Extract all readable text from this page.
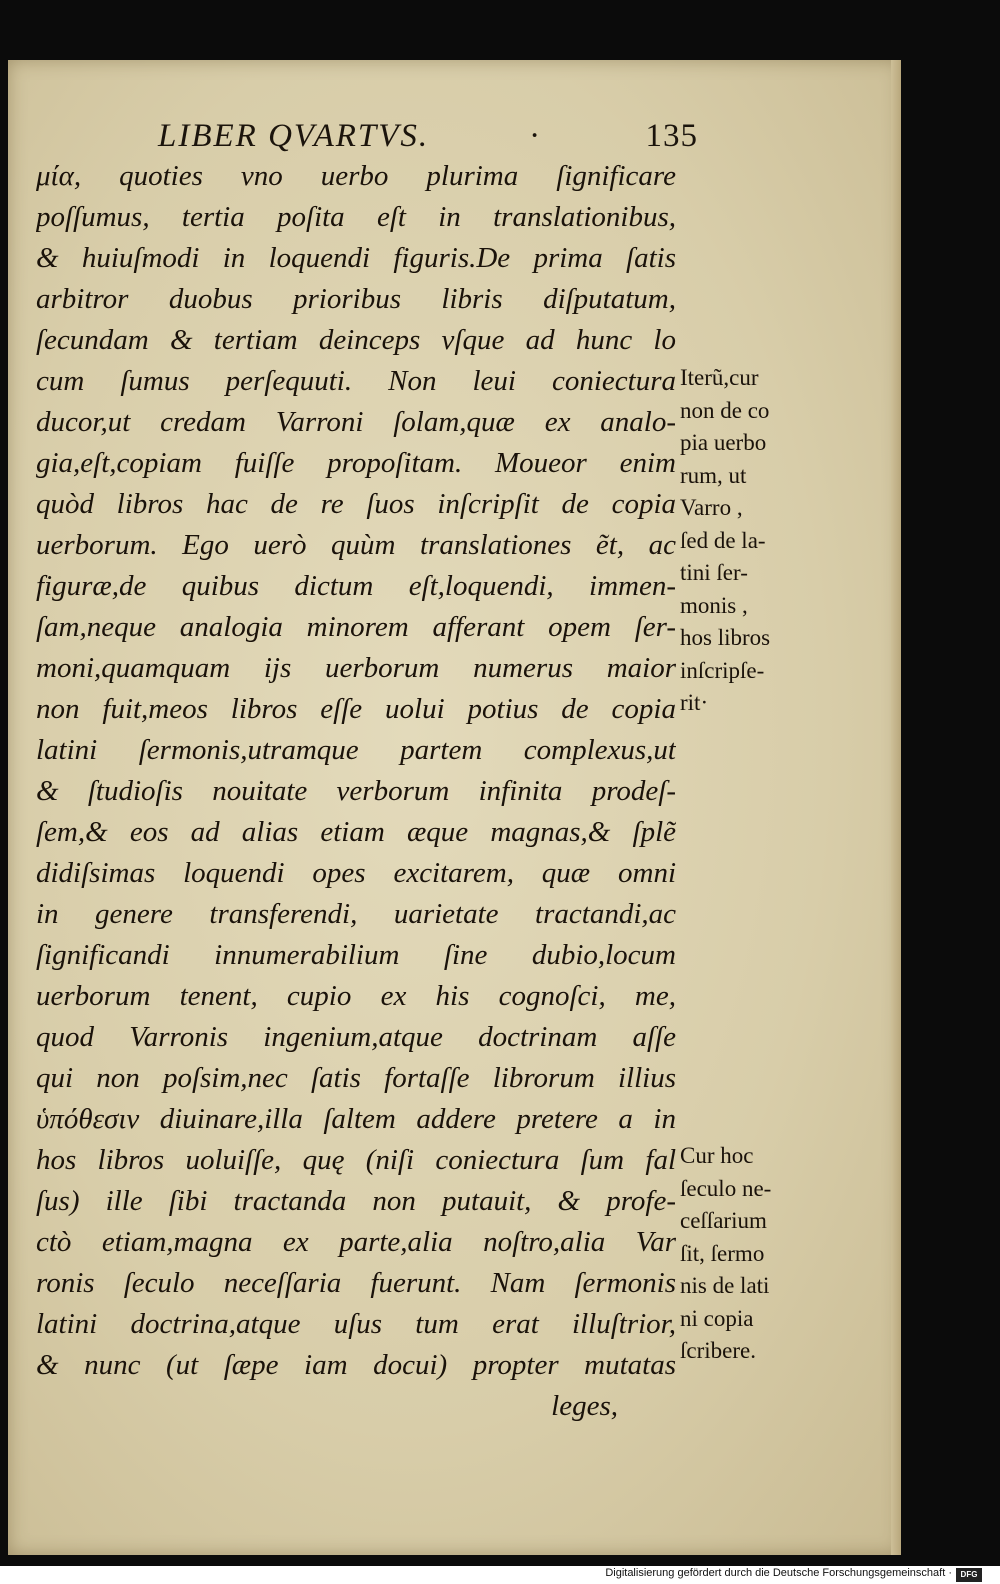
LIBER QVARTVS.	·	135
μία, quoties vno uerbo plurima ſignificare
poſſumus, tertia poſita eſt in translationibus,
& huiuſmodi in loquendi figuris.De prima ſatis
arbitror duobus prioribus libris diſputatum,
ſecundam & tertiam deinceps vſque ad hunc lo
cum ſumus perſequuti. Non leui coniectura
ducor,ut credam Varroni ſolam,quæ ex analo-
gia,eſt,copiam fuiſſe propoſitam. Moueor enim
quòd libros hac de re ſuos inſcripſit de copia
uerborum. Ego uerò quùm translationes ẽt, ac
figuræ,de quibus dictum eſt,loquendi, immen-
ſam,neque analogia minorem afferant opem ſer-
moni,quamquam ijs uerborum numerus maior
non fuit,meos libros eſſe uolui potius de copia
latini ſermonis,utramque partem complexus,ut
& ſtudioſis nouitate verborum infinita prodeſ-
ſem,& eos ad alias etiam æque magnas,& ſplẽ
didiſsimas loquendi opes excitarem, quæ omni
in genere transferendi, uarietate tractandi,ac
ſignificandi innumerabilium ſine dubio,locum
uerborum tenent, cupio ex his cognoſci, me,
quod Varronis ingenium,atque doctrinam aſſe
qui non poſsim,nec ſatis fortaſſe librorum illius
ὑπόθεσιν diuinare,illa ſaltem addere pretere a in
hos libros uoluiſſe, quę (niſi coniectura ſum fal
ſus) ille ſibi tractanda non putauit, & profe-
ctò etiam,magna ex parte,alia noſtro,alia Var
ronis ſeculo neceſſaria fuerunt. Nam ſermonis
latini doctrina,atque uſus tum erat illuſtrior,
& nunc (ut ſæpe iam docui) propter mutatas
leges,
Iterũ,cur
non de co
pia uerbo
rum, ut
Varro ,
ſed de la-
tini ſer-
monis ,
hos libros
inſcripſe-
rit·
Cur hoc
ſeculo ne-
ceſſarium
ſit, ſermo
nis de lati
ni copia
ſcribere.
Digitalisierung gefördert durch die Deutsche Forschungsgemeinschaft ·	DFG
